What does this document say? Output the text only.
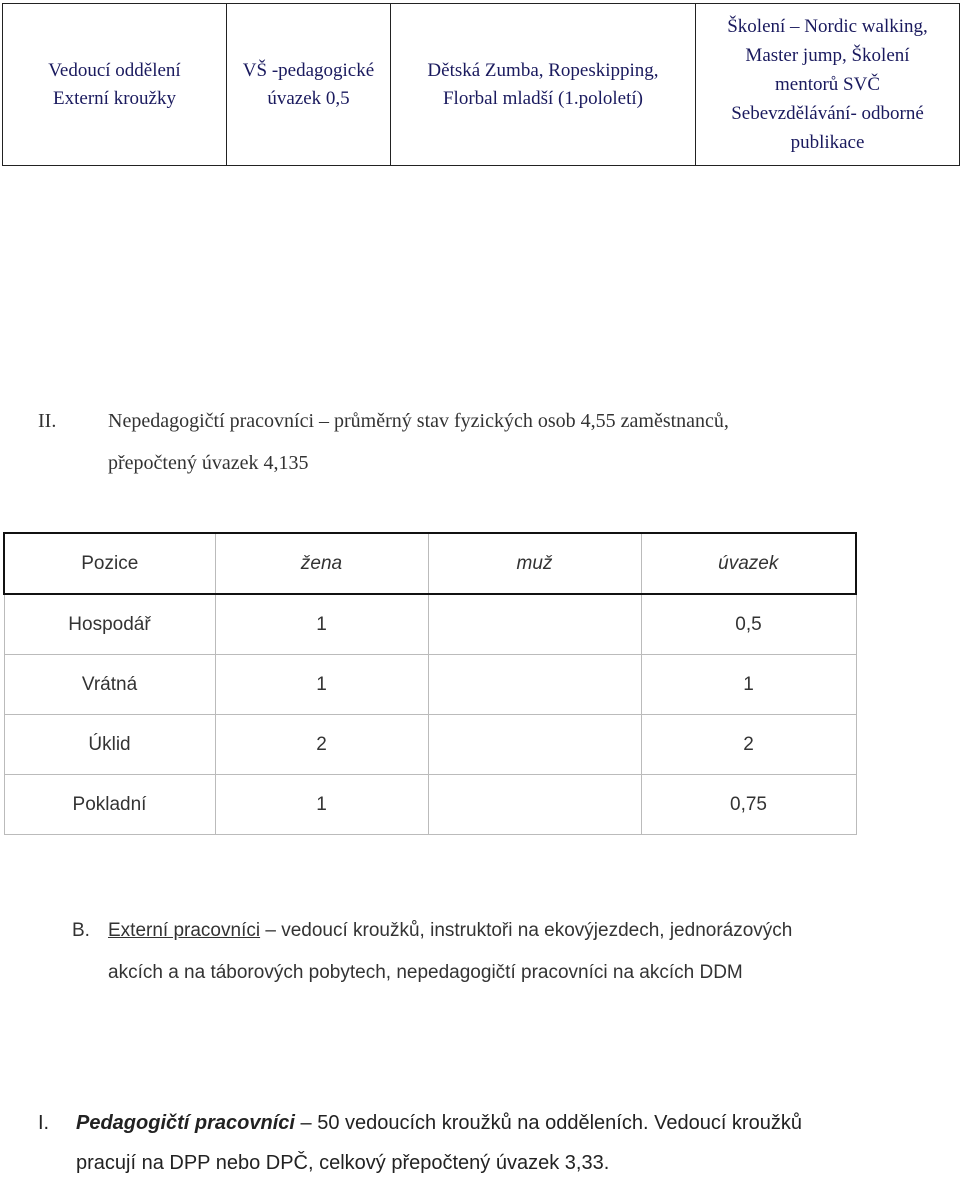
Vedoucí oddělení
Externí kroužky

VŠ -pedagogické
úvazek 0,5

Dětská Zumba, Ropeskipping,
Florbal mladší (1.pololetí)

Školení – Nordic walking,
Master jump, Školení
mentorů SVČ
Sebevzdělávání- odborné
publikace
II.	Nepedagogičtí pracovníci – průměrný stav fyzických osob 4,55 zaměstnanců,
přepočtený úvazek 4,135
Pozice	žena	muž	úvazek
Hospodář	1		0,5
Vrátná	1		1
Úklid	2		2
Pokladní	1		0,75
B. Externí pracovníci – vedoucí kroužků, instruktoři na ekovýjezdech, jednorázových
akcích a na táborových pobytech, nepedagogičtí pracovníci na akcích DDM
I. Pedagogičtí pracovníci – 50 vedoucích kroužků na odděleních. Vedoucí kroužků
pracují na DPP nebo DPČ, celkový přepočtený úvazek 3,33.
